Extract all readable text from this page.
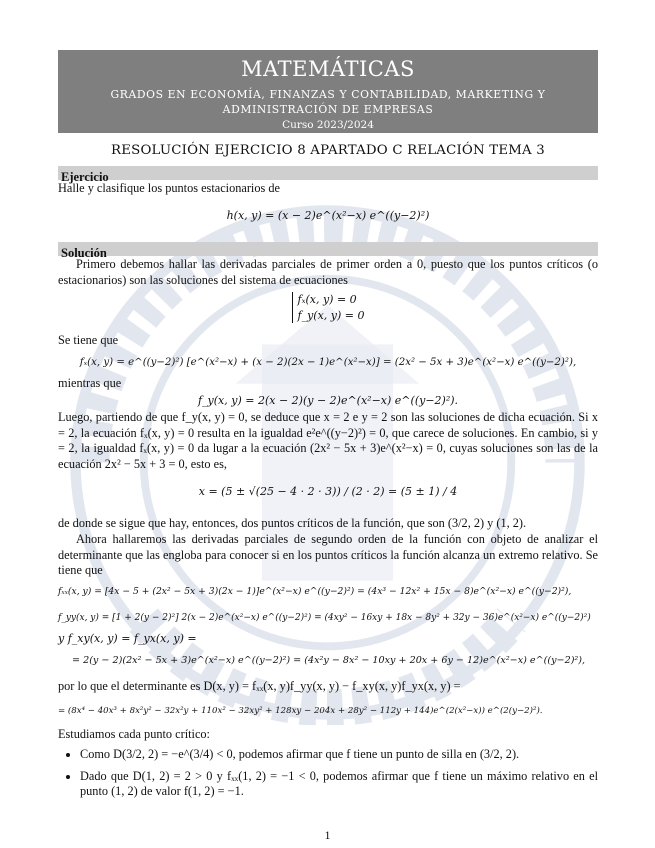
MATEMÁTICAS
GRADOS EN ECONOMÍA, FINANZAS Y CONTABILIDAD, MARKETING Y
ADMINISTRACIÓN DE EMPRESAS
Curso 2023/2024
RESOLUCIÓN EJERCICIO 8 APARTADO C RELACIÓN TEMA 3
Ejercicio
Halle y clasifique los puntos estacionarios de
h(x, y) = (x − 2)e^(x²−x) e^((y−2)²)
Solución
Primero debemos hallar las derivadas parciales de primer orden a 0, puesto que los puntos críticos (o estacionarios) son las soluciones del sistema de ecuaciones
fₓ(x, y) = 0
f_y(x, y) = 0
Se tiene que
fₓ(x, y) = e^((y−2)²) [e^(x²−x) + (x − 2)(2x − 1)e^(x²−x)] = (2x² − 5x + 3)e^(x²−x) e^((y−2)²),
mientras que
f_y(x, y) = 2(x − 2)(y − 2)e^(x²−x) e^((y−2)²).
Luego, partiendo de que f_y(x, y) = 0, se deduce que x = 2 e y = 2 son las soluciones de dicha ecuación. Si x = 2, la ecuación fₓ(x, y) = 0 resulta en la igualdad e²e^((y−2)²) = 0, que carece de soluciones. En cambio, si y = 2, la igualdad fₓ(x, y) = 0 da lugar a la ecuación (2x² − 5x + 3)e^(x²−x) = 0, cuyas soluciones son las de la ecuación 2x² − 5x + 3 = 0, esto es,
x = (5 ± √(25 − 4 · 2 · 3)) / (2 · 2) = (5 ± 1) / 4
de donde se sigue que hay, entonces, dos puntos críticos de la función, que son (3/2, 2) y (1, 2).
Ahora hallaremos las derivadas parciales de segundo orden de la función con objeto de analizar el determinante que las engloba para conocer si en los puntos críticos la función alcanza un extremo relativo. Se tiene que
fₓₓ(x, y) = [4x − 5 + (2x² − 5x + 3)(2x − 1)]e^(x²−x) e^((y−2)²) = (4x³ − 12x² + 15x − 8)e^(x²−x) e^((y−2)²),
f_yy(x, y) = [1 + 2(y − 2)²] 2(x − 2)e^(x²−x) e^((y−2)²) = (4xy² − 16xy + 18x − 8y² + 32y − 36)e^(x²−x) e^((y−2)²)
y f_xy(x, y) = f_yx(x, y) =
= 2(y − 2)(2x² − 5x + 3)e^(x²−x) e^((y−2)²) = (4x²y − 8x² − 10xy + 20x + 6y − 12)e^(x²−x) e^((y−2)²),
por lo que el determinante es D(x, y) = fₓₓ(x, y)f_yy(x, y) − f_xy(x, y)f_yx(x, y) =
= (8x⁴ − 40x³ + 8x²y² − 32x²y + 110x² − 32xy² + 128xy − 204x + 28y² − 112y + 144)e^(2(x²−x)) e^(2(y−2)²).
Estudiamos cada punto crítico:
• Como D(3/2, 2) = −e^(3/4) < 0, podemos afirmar que f tiene un punto de silla en (3/2, 2).
• Dado que D(1, 2) = 2 > 0 y fₓₓ(1, 2) = −1 < 0, podemos afirmar que f tiene un máximo relativo en el punto (1, 2) de valor f(1, 2) = −1.
1
